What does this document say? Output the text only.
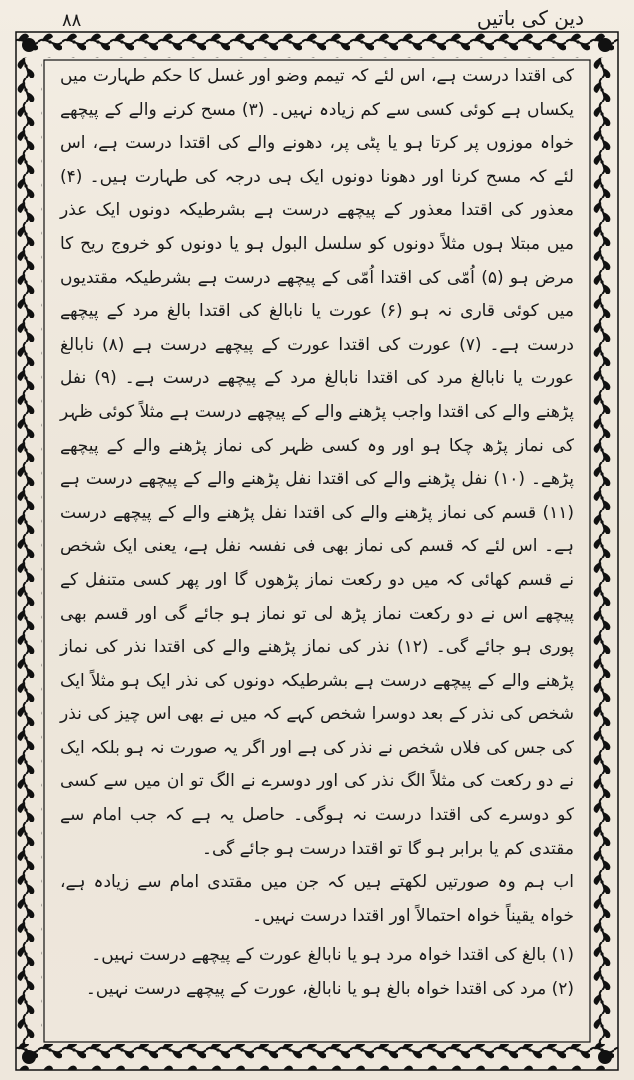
۸۸	دین کی باتیں

کی اقتدا درست ہے، اس لئے کہ تیمم وضو اور غسل کا حکم طہارت میں یکساں ہے کوئی کسی سے کم زیادہ نہیں۔ (۳) مسح کرنے والے کے پیچھے خواہ موزوں پر کرتا ہو یا پٹی پر، دھونے والے کی اقتدا درست ہے، اس لئے کہ مسح کرنا اور دھونا دونوں ایک ہی درجہ کی طہارت ہیں۔ (۴) معذور کی اقتدا معذور کے پیچھے درست ہے بشرطیکہ دونوں ایک عذر میں مبتلا ہوں مثلاً دونوں کو سلسل البول ہو یا دونوں کو خروج ریح کا مرض ہو (۵) اُمّی کی اقتدا اُمّی کے پیچھے درست ہے بشرطیکہ مقتدیوں میں کوئی قاری نہ ہو (۶) عورت یا نابالغ کی اقتدا بالغ مرد کے پیچھے درست ہے۔ (۷) عورت کی اقتدا عورت کے پیچھے درست ہے (۸) نابالغ عورت یا نابالغ مرد کی اقتدا نابالغ مرد کے پیچھے درست ہے۔ (۹) نفل پڑھنے والے کی اقتدا واجب پڑھنے والے کے پیچھے درست ہے مثلاً کوئی ظہر کی نماز پڑھ چکا ہو اور وہ کسی ظہر کی نماز پڑھنے والے کے پیچھے پڑھے۔ (۱۰) نفل پڑھنے والے کی اقتدا نفل پڑھنے والے کے پیچھے درست ہے (۱۱) قسم کی نماز پڑھنے والے کی اقتدا نفل پڑھنے والے کے پیچھے درست ہے۔ اس لئے کہ قسم کی نماز بھی فی نفسہ نفل ہے، یعنی ایک شخص نے قسم کھائی کہ میں دو رکعت نماز پڑھوں گا اور پھر کسی متنفل کے پیچھے اس نے دو رکعت نماز پڑھ لی تو نماز ہو جائے گی اور قسم بھی پوری ہو جائے گی۔ (۱۲) نذر کی نماز پڑھنے والے کی اقتدا نذر کی نماز پڑھنے والے کے پیچھے درست ہے بشرطیکہ دونوں کی نذر ایک ہو مثلاً ایک شخص کی نذر کے بعد دوسرا شخص کہے کہ میں نے بھی اس چیز کی نذر کی جس کی فلاں شخص نے نذر کی ہے اور اگر یہ صورت نہ ہو بلکہ ایک نے دو رکعت کی مثلاً الگ نذر کی اور دوسرے نے الگ تو ان میں سے کسی کو دوسرے کی اقتدا درست نہ ہوگی۔ حاصل یہ ہے کہ جب امام سے مقتدی کم یا برابر ہو گا تو اقتدا درست ہو جائے گی۔

اب ہم وہ صورتیں لکھتے ہیں کہ جن میں مقتدی امام سے زیادہ ہے، خواہ یقیناً خواہ احتمالاً اور اقتدا درست نہیں۔

(۱) بالغ کی اقتدا خواہ مرد ہو یا نابالغ عورت کے پیچھے درست نہیں۔

(۲) مرد کی اقتدا خواہ بالغ ہو یا نابالغ، عورت کے پیچھے درست نہیں۔
